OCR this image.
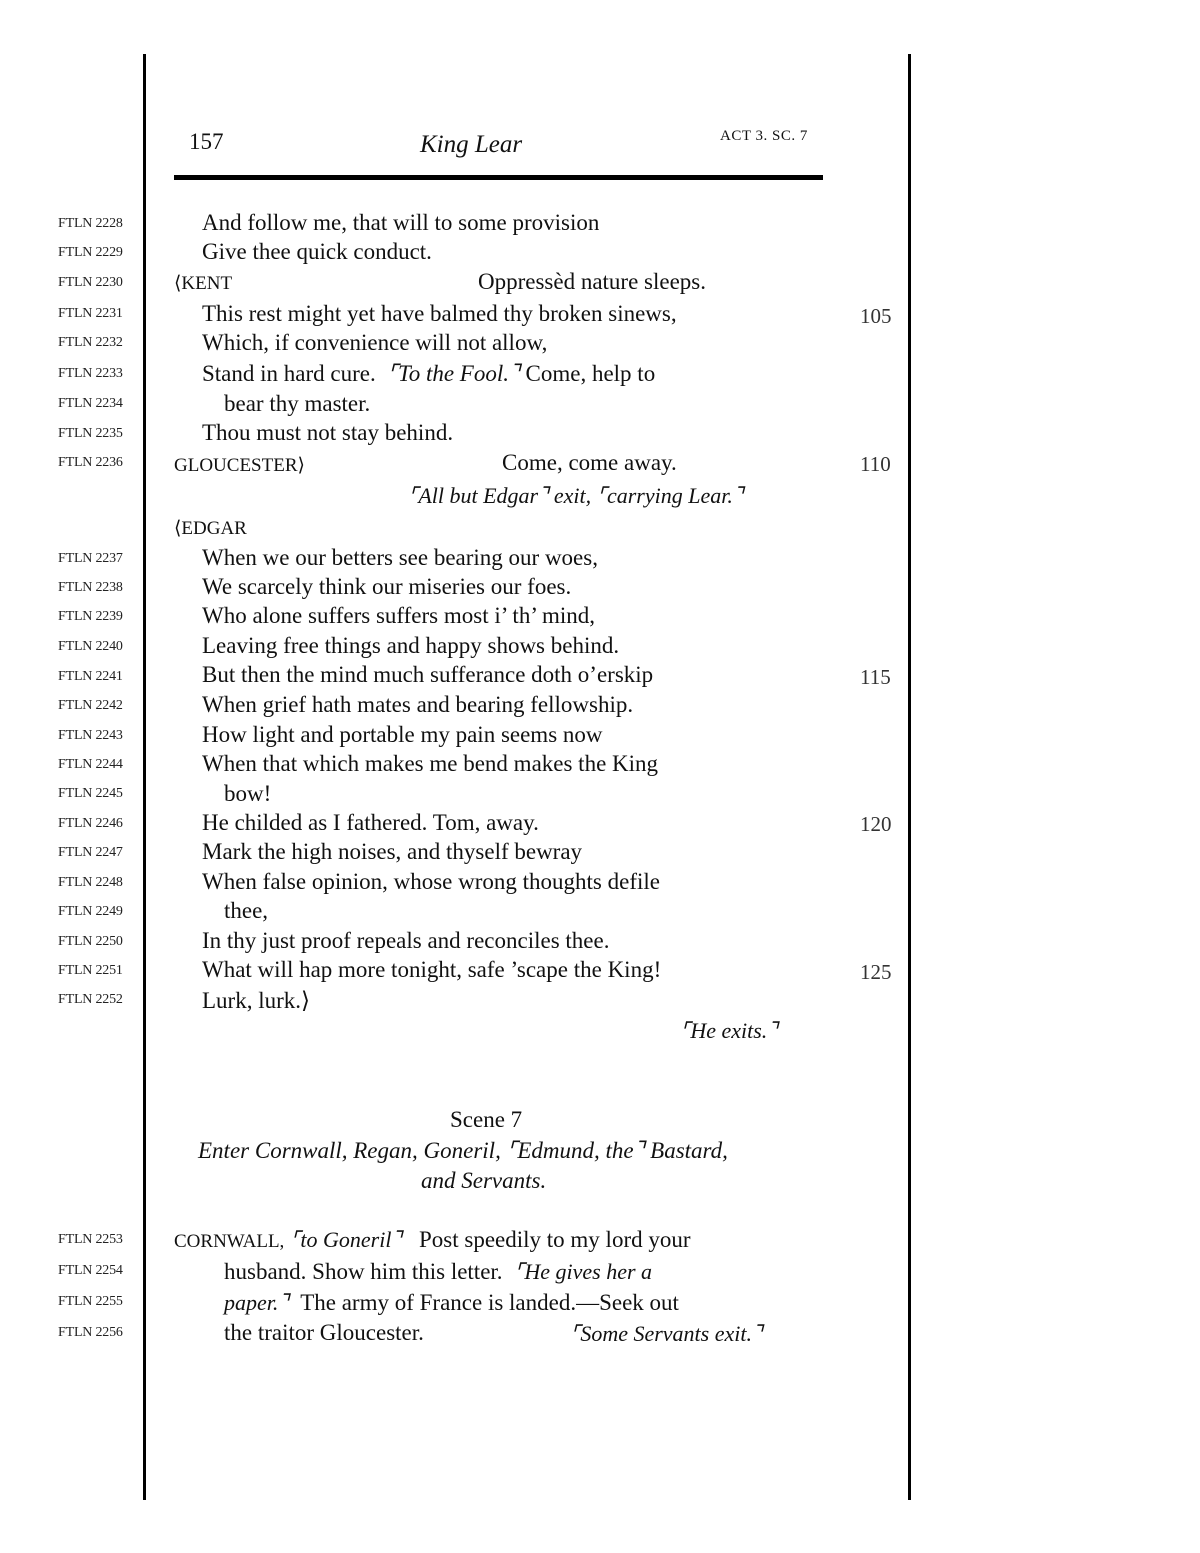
157	King Lear	ACT 3. SC. 7
FTLN 2228
FTLN 2229
FTLN 2230
FTLN 2231
FTLN 2232
FTLN 2233
FTLN 2234
FTLN 2235
FTLN 2236
FTLN 2237
FTLN 2238
FTLN 2239
FTLN 2240
FTLN 2241
FTLN 2242
FTLN 2243
FTLN 2244
FTLN 2245
FTLN 2246
FTLN 2247
FTLN 2248
FTLN 2249
FTLN 2250
FTLN 2251
FTLN 2252
FTLN 2253
FTLN 2254
FTLN 2255
FTLN 2256
105
110
115
120
125
And follow me, that will to some provision
Give thee quick conduct.
⟨KENT	Oppressèd nature sleeps.
This rest might yet have balmed thy broken sinews,
Which, if convenience will not allow,
Stand in hard cure. ⌜To the Fool.⌝ Come, help to
bear thy master.
Thou must not stay behind.
GLOUCESTER⟩	Come, come away.
⌜All but Edgar⌝ exit, ⌜carrying Lear.⌝
⟨EDGAR
When we our betters see bearing our woes,
We scarcely think our miseries our foes.
Who alone suffers suffers most i’ th’ mind,
Leaving free things and happy shows behind.
But then the mind much sufferance doth o’erskip
When grief hath mates and bearing fellowship.
How light and portable my pain seems now
When that which makes me bend makes the King
bow!
He childed as I fathered. Tom, away.
Mark the high noises, and thyself bewray
When false opinion, whose wrong thoughts defile
thee,
In thy just proof repeals and reconciles thee.
What will hap more tonight, safe ’scape the King!
Lurk, lurk.⟩
⌜He exits.⌝
Scene 7
Enter Cornwall, Regan, Goneril, ⌜Edmund, the⌝ Bastard,
and Servants.
CORNWALL, ⌜to Goneril⌝ Post speedily to my lord your
husband. Show him this letter. ⌜He gives her a
paper.⌝ The army of France is landed.—Seek out
the traitor Gloucester.	⌜Some Servants exit.⌝
